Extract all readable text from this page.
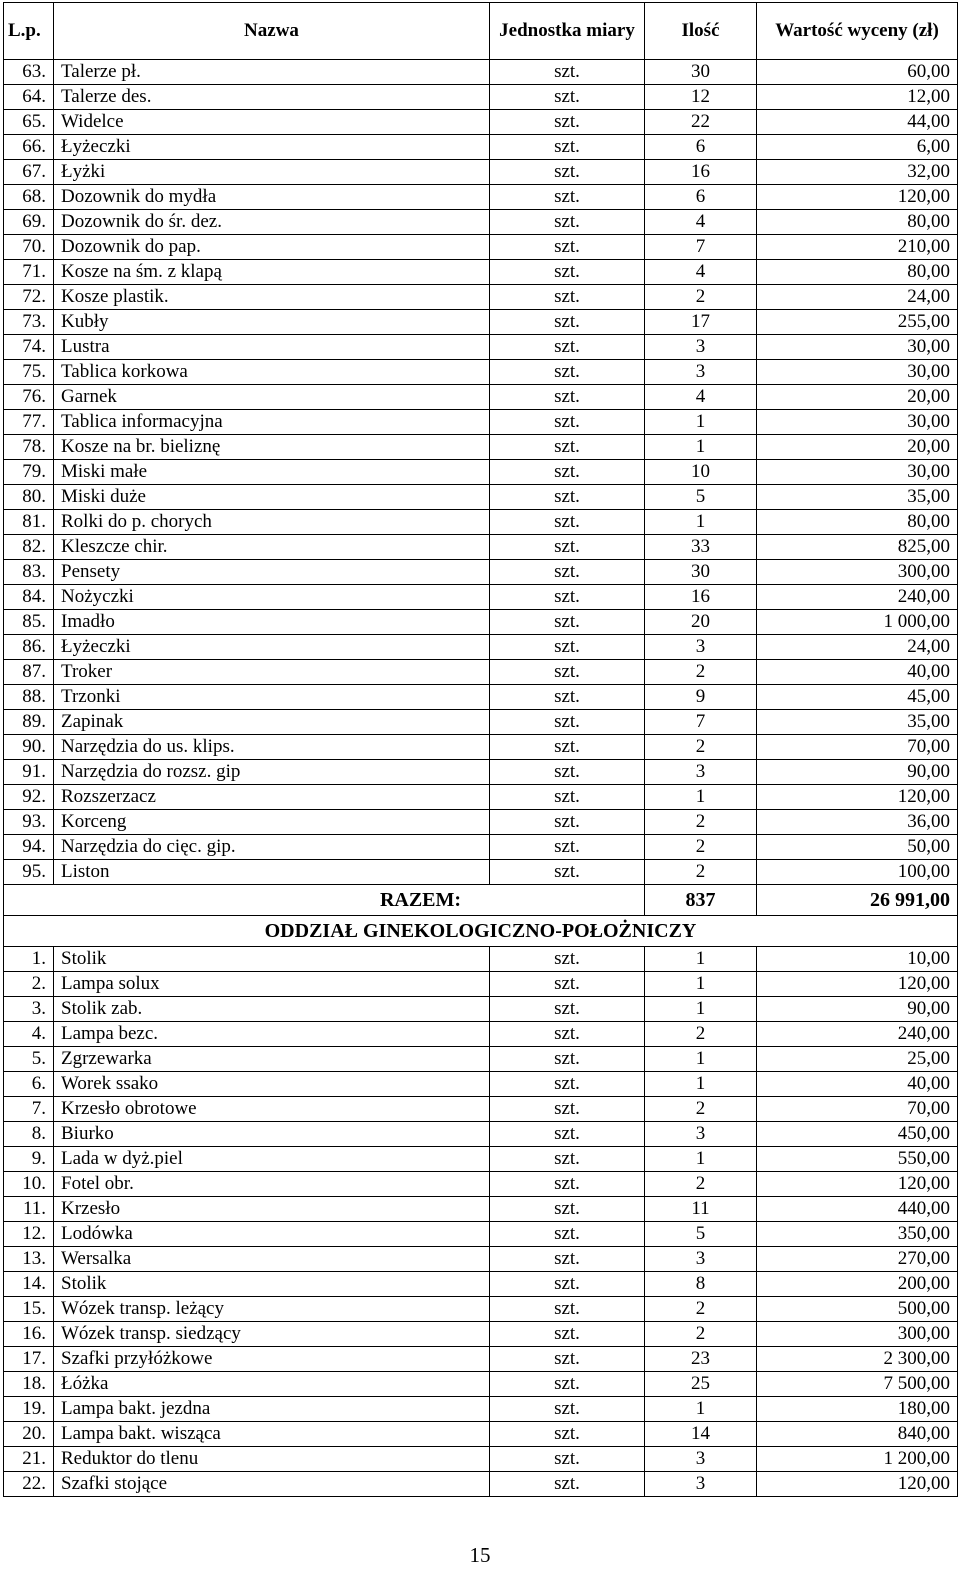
L.p.	Nazwa	Jednostka miary	Ilość	Wartość wyceny (zł)
63.	Talerze pł.	szt.	30	60,00
64.	Talerze des.	szt.	12	12,00
65.	Widelce	szt.	22	44,00
66.	Łyżeczki	szt.	6	6,00
67.	Łyżki	szt.	16	32,00
68.	Dozownik do mydła	szt.	6	120,00
69.	Dozownik do śr. dez.	szt.	4	80,00
70.	Dozownik do pap.	szt.	7	210,00
71.	Kosze na śm. z klapą	szt.	4	80,00
72.	Kosze plastik.	szt.	2	24,00
73.	Kubły	szt.	17	255,00
74.	Lustra	szt.	3	30,00
75.	Tablica korkowa	szt.	3	30,00
76.	Garnek	szt.	4	20,00
77.	Tablica informacyjna	szt.	1	30,00
78.	Kosze na br. bieliznę	szt.	1	20,00
79.	Miski małe	szt.	10	30,00
80.	Miski duże	szt.	5	35,00
81.	Rolki do p. chorych	szt.	1	80,00
82.	Kleszcze chir.	szt.	33	825,00
83.	Pensety	szt.	30	300,00
84.	Nożyczki	szt.	16	240,00
85.	Imadło	szt.	20	1 000,00
86.	Łyżeczki	szt.	3	24,00
87.	Troker	szt.	2	40,00
88.	Trzonki	szt.	9	45,00
89.	Zapinak	szt.	7	35,00
90.	Narzędzia do us. klips.	szt.	2	70,00
91.	Narzędzia do rozsz. gip	szt.	3	90,00
92.	Rozszerzacz	szt.	1	120,00
93.	Korceng	szt.	2	36,00
94.	Narzędzia do cięc. gip.	szt.	2	50,00
95.	Liston	szt.	2	100,00
RAZEM:			837	26 991,00
ODDZIAŁ GINEKOLOGICZNO-POŁOŻNICZY				
1.	Stolik	szt.	1	10,00
2.	Lampa solux	szt.	1	120,00
3.	Stolik zab.	szt.	1	90,00
4.	Lampa bezc.	szt.	2	240,00
5.	Zgrzewarka	szt.	1	25,00
6.	Worek ssako	szt.	1	40,00
7.	Krzesło obrotowe	szt.	2	70,00
8.	Biurko	szt.	3	450,00
9.	Lada w dyż.piel	szt.	1	550,00
10.	Fotel obr.	szt.	2	120,00
11.	Krzesło	szt.	11	440,00
12.	Lodówka	szt.	5	350,00
13.	Wersalka	szt.	3	270,00
14.	Stolik	szt.	8	200,00
15.	Wózek transp. leżący	szt.	2	500,00
16.	Wózek transp. siedzący	szt.	2	300,00
17.	Szafki przyłóżkowe	szt.	23	2 300,00
18.	Łóżka	szt.	25	7 500,00
19.	Lampa bakt. jezdna	szt.	1	180,00
20.	Lampa bakt. wisząca	szt.	14	840,00
21.	Reduktor do tlenu	szt.	3	1 200,00
22.	Szafki stojące	szt.	3	120,00
15
